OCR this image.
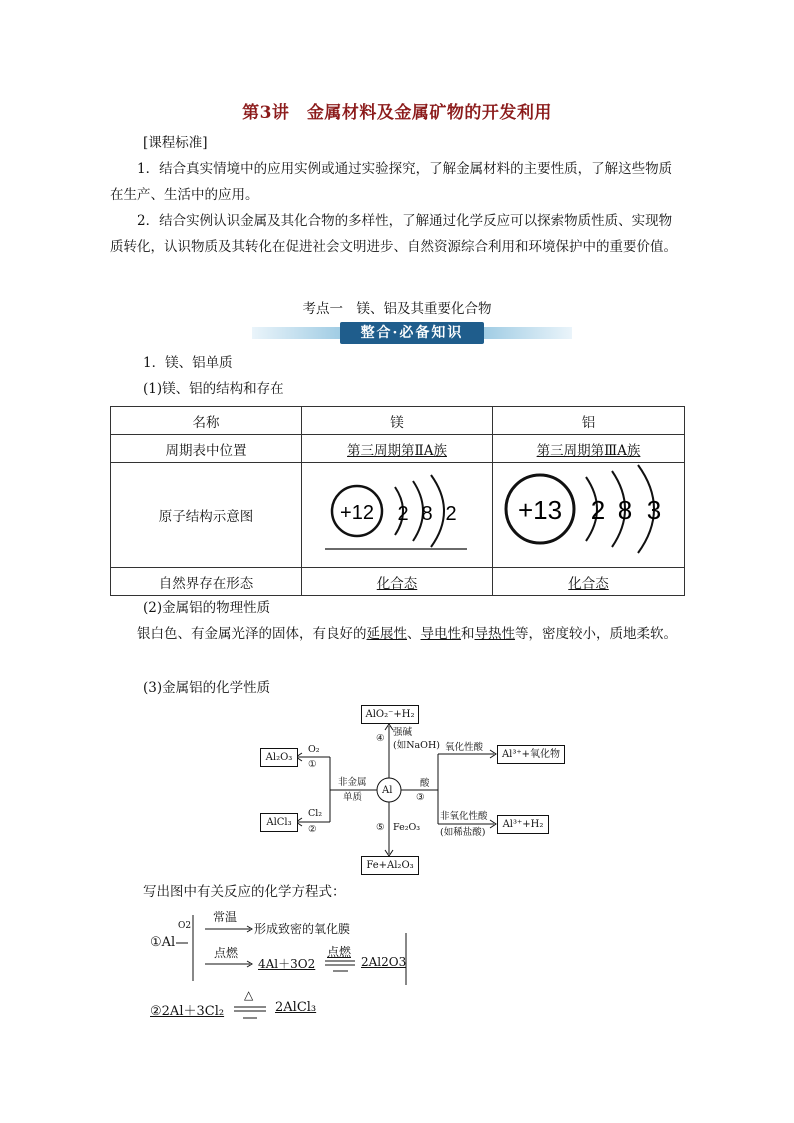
第3讲　金属材料及金属矿物的开发利用
[课程标准]
1．结合真实情境中的应用实例或通过实验探究，了解金属材料的主要性质，了解这些物质在生产、生活中的应用。
2．结合实例认识金属及其化合物的多样性，了解通过化学反应可以探索物质性质、实现物质转化，认识物质及其转化在促进社会文明进步、自然资源综合利用和环境保护中的重要价值。
考点一　镁、铝及其重要化合物
整合·必备知识
1．镁、铝单质
(1)镁、铝的结构和存在
名称	镁	铝
周期表中位置	第三周期第ⅡA族	第三周期第ⅢA族
原子结构示意图	+12 2 8 2	+13 2 8 3

自然界存在形态	化合态	化合态
(2)金属铝的物理性质
银白色、有金属光泽的固体，有良好的延展性、导电性和导热性等，密度较小，质地柔软。
(3)金属铝的化学性质
Al
AlO₂⁻+H₂
④
强碱
(如NaOH)
Al₂O₃
O₂
①
AlCl₃
Cl₂
②
非金属
单质
酸
③
氧化性酸
Al³⁺+氧化物
非氧化性酸
(如稀盐酸)
Al³⁺+H₂
⑤ Fe₂O₃
Fe+Al₂O₃
写出图中有关反应的化学方程式：
①Al
O2
常温
形成致密的氧化膜
点燃
4Al＋3O2
点燃
2Al2O3
②2Al＋3Cl₂
△
2AlCl₃
